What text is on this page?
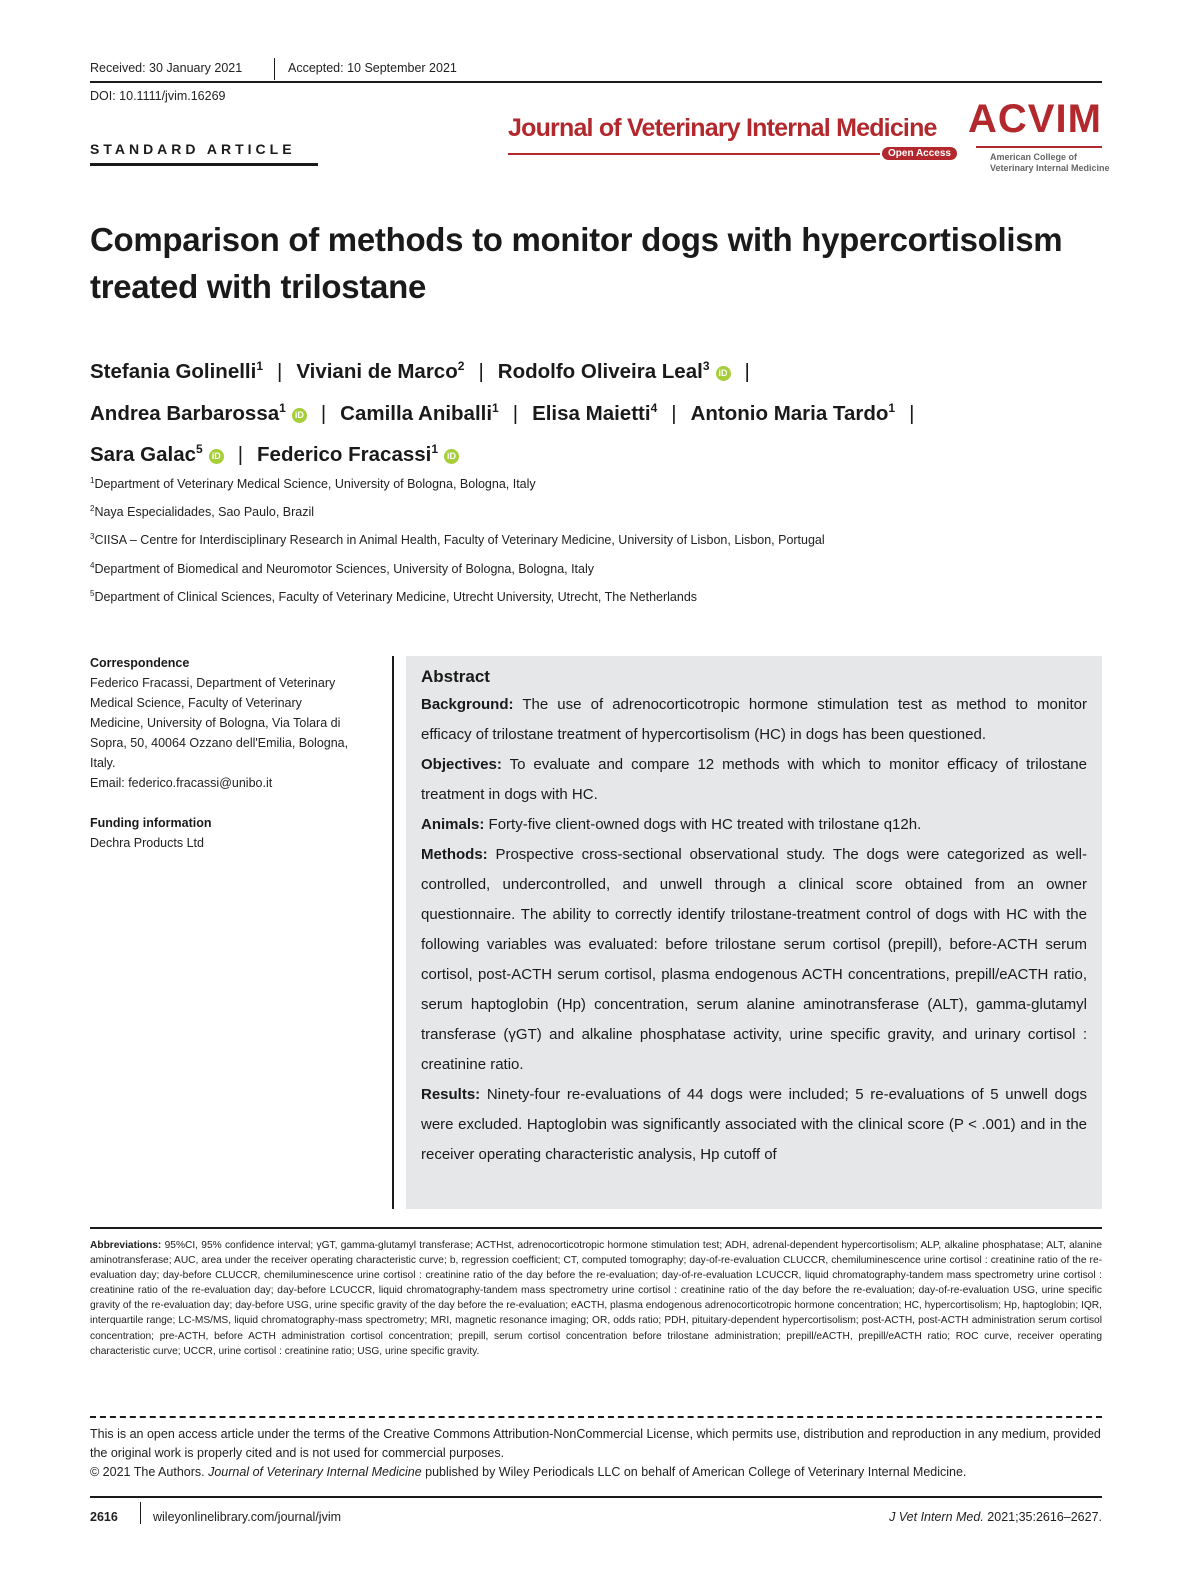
Received: 30 January 2021	Accepted: 10 September 2021
DOI: 10.1111/jvim.16269
STANDARD ARTICLE
Journal of Veterinary Internal Medicine
Open Access
ACVIM
American College of
Veterinary Internal Medicine
Comparison of methods to monitor dogs with hypercortisolism
treated with trilostane
Stefania Golinelli$^1$ | Viviani de Marco$^2$ | Rodolfo Oliveira Leal$^3$ iD |
Andrea Barbarossa$^1$ iD | Camilla Aniballi$^1$ | Elisa Maietti$^4$ | Antonio Maria Tardo$^1$ |
Sara Galac$^5$ iD | Federico Fracassi$^1$ iD
$^1$Department of Veterinary Medical Science, University of Bologna, Bologna, Italy
$^2$Naya Especialidades, Sao Paulo, Brazil
$^3$CIISA – Centre for Interdisciplinary Research in Animal Health, Faculty of Veterinary Medicine, University of Lisbon, Lisbon, Portugal
$^4$Department of Biomedical and Neuromotor Sciences, University of Bologna, Bologna, Italy
$^5$Department of Clinical Sciences, Faculty of Veterinary Medicine, Utrecht University, Utrecht, The Netherlands
Correspondence
Federico Fracassi, Department of Veterinary
Medical Science, Faculty of Veterinary
Medicine, University of Bologna, Via Tolara di
Sopra, 50, 40064 Ozzano dell'Emilia, Bologna,
Italy.
Email: federico.fracassi@unibo.it
Funding information
Dechra Products Ltd
Abstract

Background: The use of adrenocorticotropic hormone stimulation test as method to monitor efficacy of trilostane treatment of hypercortisolism (HC) in dogs has been questioned.

Objectives: To evaluate and compare 12 methods with which to monitor efficacy of trilostane treatment in dogs with HC.

Animals: Forty-five client-owned dogs with HC treated with trilostane q12h.

Methods: Prospective cross-sectional observational study. The dogs were categorized as well-controlled, undercontrolled, and unwell through a clinical score obtained from an owner questionnaire. The ability to correctly identify trilostane-treatment control of dogs with HC with the following variables was evaluated: before trilostane serum cortisol (prepill), before-ACTH serum cortisol, post-ACTH serum cortisol, plasma endogenous ACTH concentrations, prepill/eACTH ratio, serum haptoglobin (Hp) concentration, serum alanine aminotransferase (ALT), gamma-glutamyl transferase (γGT) and alkaline phosphatase activity, urine specific gravity, and urinary cortisol : creatinine ratio.

Results: Ninety-four re-evaluations of 44 dogs were included; 5 re-evaluations of 5 unwell dogs were excluded. Haptoglobin was significantly associated with the clinical score (P < .001) and in the receiver operating characteristic analysis, Hp cutoff of

Abbreviations: 95%CI, 95% confidence interval; γGT, gamma-glutamyl transferase; ACTHst, adrenocorticotropic hormone stimulation test; ADH, adrenal-dependent hypercortisolism; ALP, alkaline phosphatase; ALT, alanine aminotransferase; AUC, area under the receiver operating characteristic curve; b, regression coefficient; CT, computed tomography; day-of-re-evaluation CLUCCR, chemiluminescence urine cortisol : creatinine ratio of the re-evaluation day; day-before CLUCCR, chemiluminescence urine cortisol : creatinine ratio of the day before the re-evaluation; day-of-re-evaluation LCUCCR, liquid chromatography-tandem mass spectrometry urine cortisol : creatinine ratio of the re-evaluation day; day-before LCUCCR, liquid chromatography-tandem mass spectrometry urine cortisol : creatinine ratio of the day before the re-evaluation; day-of-re-evaluation USG, urine specific gravity of the re-evaluation day; day-before USG, urine specific gravity of the day before the re-evaluation; eACTH, plasma endogenous adrenocorticotropic hormone concentration; HC, hypercortisolism; Hp, haptoglobin; IQR, interquartile range; LC-MS/MS, liquid chromatography-mass spectrometry; MRI, magnetic resonance imaging; OR, odds ratio; PDH, pituitary-dependent hypercortisolism; post-ACTH, post-ACTH administration serum cortisol concentration; pre-ACTH, before ACTH administration cortisol concentration; prepill, serum cortisol concentration before trilostane administration; prepill/eACTH, prepill/eACTH ratio; ROC curve, receiver operating characteristic curve; UCCR, urine cortisol : creatinine ratio; USG, urine specific gravity.
This is an open access article under the terms of the Creative Commons Attribution-NonCommercial License, which permits use, distribution and reproduction in any medium, provided the original work is properly cited and is not used for commercial purposes.
© 2021 The Authors. Journal of Veterinary Internal Medicine published by Wiley Periodicals LLC on behalf of American College of Veterinary Internal Medicine.
2616	wileyonlinelibrary.com/journal/jvim	J Vet Intern Med. 2021;35:2616–2627.
